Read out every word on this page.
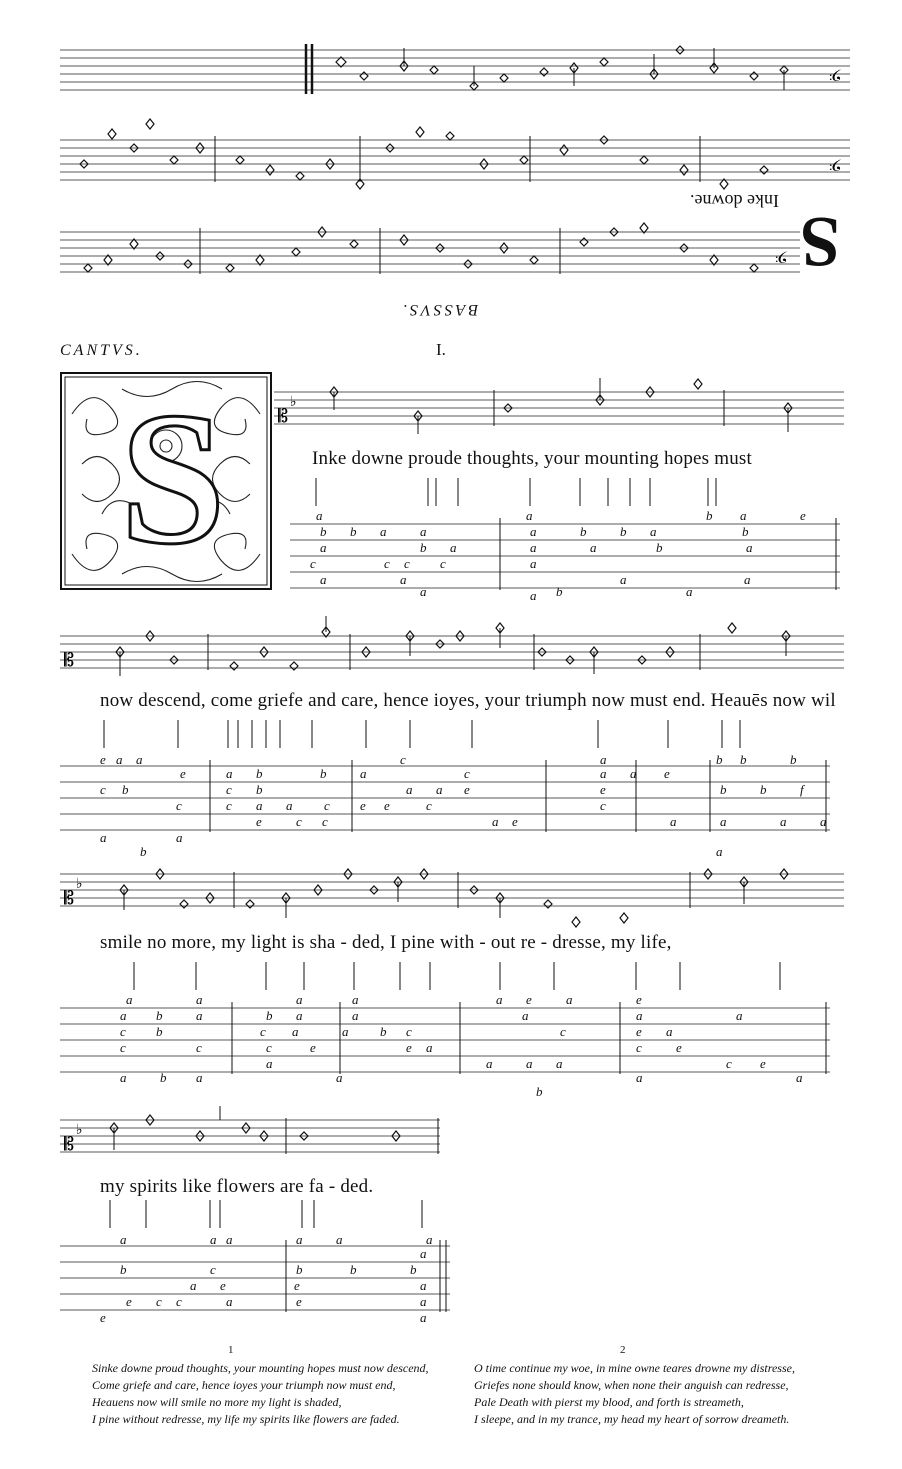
𝄢
𝄢
𝄢 S
Inke downe.
BASSVS.
CANTVS.	I.
S	𝄡
♭
Inke downe proude thoughts, your mounting hopes must
a
b b a	a
a	b a
c	c c c
a	a
a
a
a	b	b a
a	a	b
b a
a
a
b
a
a
a b	a
e
𝄡
now descend, come griefe and care, hence ioyes, your triumph now must end. Heauēs now wil
e a a
e	a b
c b	c b
b	a
c	c a a c e
a	a
b
e	c c
c
c
a a e
e	c
a e
a
a a e
e
c
a
b b	b
b	b	f
a	a	a
a
𝄡
♭
smile no more, my light is sha - ded, I pine with - out re - dresse, my life,
a	a	a	a
a b	a	b a	a
c b	c a	a b c
c	c	c	e	e a
a	b a
a
a
a e	a
a
c
a
a
b
a
e
a	a
e a
c	e
a
c e
a
𝄡
♭
my spirits like flowers are fa - ded.
a	a a	a	a	a
a
b	c	b	b	b
a e	e	a
e c c	a	e	a
e	a
1
Sinke downe proud thoughts, your mounting hopes must now descend,
Come griefe and care, hence ioyes your triumph now must end,
Heauens now will smile no more my light is shaded,
I pine without redresse, my life my spirits like flowers are faded.
2
O time continue my woe, in mine owne teares drowne my distresse,
Griefes none should know, when none their anguish can redresse,
Pale Death with pierst my blood, and forth is streameth,
I sleepe, and in my trance, my head my heart of sorrow dreameth.
